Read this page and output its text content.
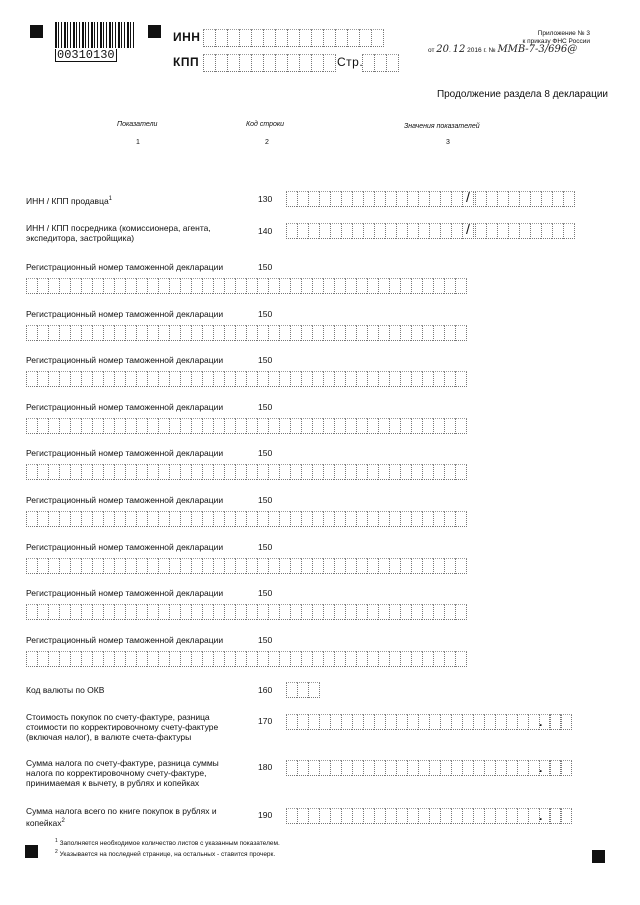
00310130
ИНН
КПП	Стр.
Приложение № 3
к приказу ФНС России
от 20. 12 2016 г. № ММВ-7-3/696@
Продолжение раздела 8 декларации
Показатели	Код строки	Значения показателей
1	2	3
ИНН / КПП продавца$^1$	130	/
ИНН / КПП посредника (комиссионера, агента, экспедитора, застройщика)
140	/
Регистрационный номер таможенной декларации	150
Регистрационный номер таможенной декларации	150
Регистрационный номер таможенной декларации	150
Регистрационный номер таможенной декларации	150
Регистрационный номер таможенной декларации	150
Регистрационный номер таможенной декларации	150
Регистрационный номер таможенной декларации	150
Регистрационный номер таможенной декларации	150
Регистрационный номер таможенной декларации	150
Код валюты по ОКВ	160
Стоимость покупок по счету-фактуре, разница стоимости по корректировочному счету-фактуре (включая налог), в валюте счета-фактуры
170	.
Сумма налога по счету-фактуре, разница суммы налога по корректировочному счету-фактуре, принимаемая к вычету, в рублях и копейках
180	.
Сумма налога всего по книге покупок в рублях и копейках$^2$
190	.
$^1$ Заполняется необходимое количество листов с указанным показателем.
$^2$ Указывается на последней странице, на остальных - ставится прочерк.
